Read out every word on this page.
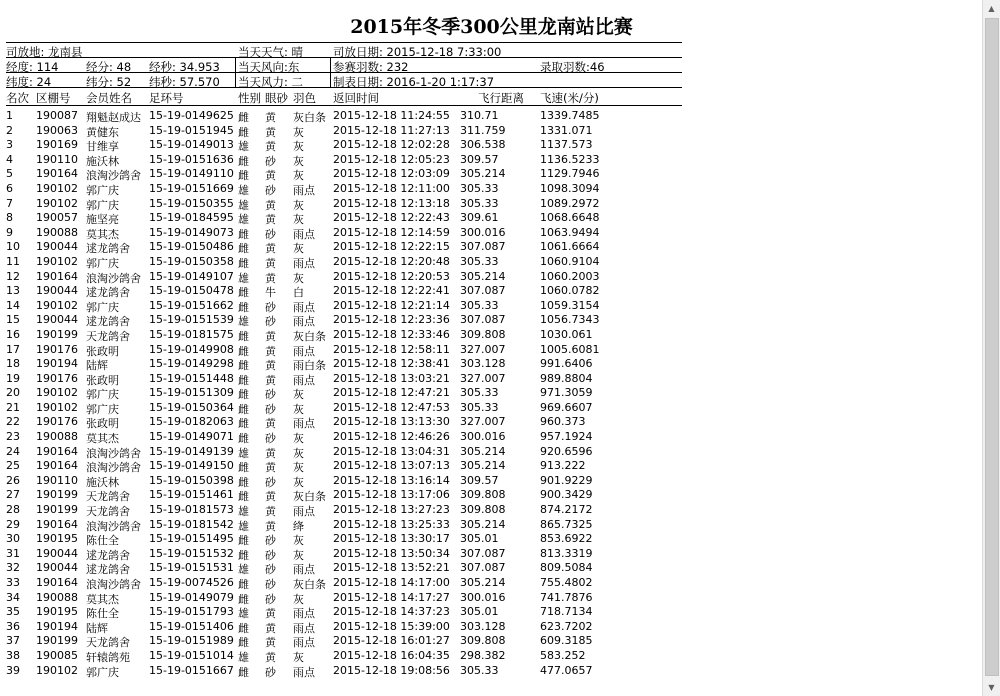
2015年冬季300公里龙南站比赛
司放地: 龙南县	当天天气: 晴	司放日期: 2015-12-18 7:33:00
经度: 114 经分: 48 经秒: 34.953 当天风向:东	参赛羽数: 232	录取羽数:46
纬度: 24	纬分: 52 纬秒: 57.570 当天风力: 二	制表日期: 2016-1-20 1:17:37
名次 区棚号 会员姓名 足环号	性别 眼砂 羽色 返回时间	飞行距离 飞速(米/分)
1 190087 翔魁赵成达 15-19-0149625 雌 黄 灰白条 2015-12-18 11:24:55 310.71	1339.7485
2 190063 黄健东	15-19-0151945 雌 黄 灰	2015-12-18 11:27:13 311.759	1331.071
3 190169 甘维享	15-19-0149013 雄 黄 灰	2015-12-18 12:02:28 306.538	1137.573
4 190110 施沃林	15-19-0151636 雌 砂 灰	2015-12-18 12:05:23 309.57	1136.5233
5 190164 浪淘沙鸽舍 15-19-0149110 雌 黄 灰	2015-12-18 12:03:09 305.214	1129.7946
6 190102 郭广庆	15-19-0151669 雄 砂 雨点 2015-12-18 12:11:00 305.33	1098.3094
7 190102 郭广庆	15-19-0150355 雄 黄 灰	2015-12-18 12:13:18 305.33	1089.2972
8 190057 施坚亮	15-19-0184595 雄 黄 灰	2015-12-18 12:22:43 309.61	1068.6648
9 190088 莫其杰	15-19-0149073 雌 砂 雨点 2015-12-18 12:14:59 300.016	1063.9494
10 190044 逑龙鸽舍 15-19-0150486 雌 黄 灰	2015-12-18 12:22:15 307.087	1061.6664
11 190102 郭广庆	15-19-0150358 雌 黄 雨点 2015-12-18 12:20:48 305.33	1060.9104
12 190164 浪淘沙鸽舍 15-19-0149107 雄 黄 灰	2015-12-18 12:20:53 305.214	1060.2003
13 190044 逑龙鸽舍 15-19-0150478 雌 牛 白	2015-12-18 12:22:41 307.087	1060.0782
14 190102 郭广庆	15-19-0151662 雌 砂 雨点 2015-12-18 12:21:14 305.33	1059.3154
15 190044 逑龙鸽舍 15-19-0151539 雄 砂 雨点 2015-12-18 12:23:36 307.087	1056.7343
16 190199 天龙鸽舍 15-19-0181575 雌 黄 灰白条 2015-12-18 12:33:46 309.808	1030.061
17 190176 张政明	15-19-0149908 雌 黄 雨点 2015-12-18 12:58:11 327.007	1005.6081
18 190194 陆辉	15-19-0149298 雌 黄 雨白条 2015-12-18 12:38:41 303.128	991.6406
19 190176 张政明	15-19-0151448 雌 黄 雨点 2015-12-18 13:03:21 327.007	989.8804
20 190102 郭广庆	15-19-0151309 雌 砂 灰	2015-12-18 12:47:21 305.33	971.3059
21 190102 郭广庆	15-19-0150364 雌 砂 灰	2015-12-18 12:47:53 305.33	969.6607
22 190176 张政明	15-19-0182063 雌 黄 雨点 2015-12-18 13:13:30 327.007	960.373
23 190088 莫其杰	15-19-0149071 雌 砂 灰	2015-12-18 12:46:26 300.016	957.1924
24 190164 浪淘沙鸽舍 15-19-0149139 雄 黄 灰	2015-12-18 13:04:31 305.214	920.6596
25 190164 浪淘沙鸽舍 15-19-0149150 雌 黄 灰	2015-12-18 13:07:13 305.214	913.222
26 190110 施沃林	15-19-0150398 雌 砂 灰	2015-12-18 13:16:14 309.57	901.9229
27 190199 天龙鸽舍 15-19-0151461 雌 黄 灰白条 2015-12-18 13:17:06 309.808	900.3429
28 190199 天龙鸽舍 15-19-0181573 雄 黄 雨点 2015-12-18 13:27:23 309.808	874.2172
29 190164 浪淘沙鸽舍 15-19-0181542 雄 黄 绛	2015-12-18 13:25:33 305.214	865.7325
30 190195 陈仕全	15-19-0151495 雌 砂 灰	2015-12-18 13:30:17 305.01	853.6922
31 190044 逑龙鸽舍 15-19-0151532 雌 砂 灰	2015-12-18 13:50:34 307.087	813.3319
32 190044 逑龙鸽舍 15-19-0151531 雄 砂 雨点 2015-12-18 13:52:21 307.087	809.5084
33 190164 浪淘沙鸽舍 15-19-0074526 雌 砂 灰白条 2015-12-18 14:17:00 305.214	755.4802
34 190088 莫其杰	15-19-0149079 雌 砂 灰	2015-12-18 14:17:27 300.016	741.7876
35 190195 陈仕全	15-19-0151793 雄 黄 雨点 2015-12-18 14:37:23 305.01	718.7134
36 190194 陆辉	15-19-0151406 雌 黄 雨点 2015-12-18 15:39:00 303.128	623.7202
37 190199 天龙鸽舍 15-19-0151989 雌 黄 雨点 2015-12-18 16:01:27 309.808	609.3185
38 190085 轩辕鸽苑 15-19-0151014 雄 黄 灰	2015-12-18 16:04:35 298.382	583.252
39 190102 郭广庆	15-19-0151667 雌 砂 雨点 2015-12-18 19:08:56 305.33	477.0657
▲
▼
